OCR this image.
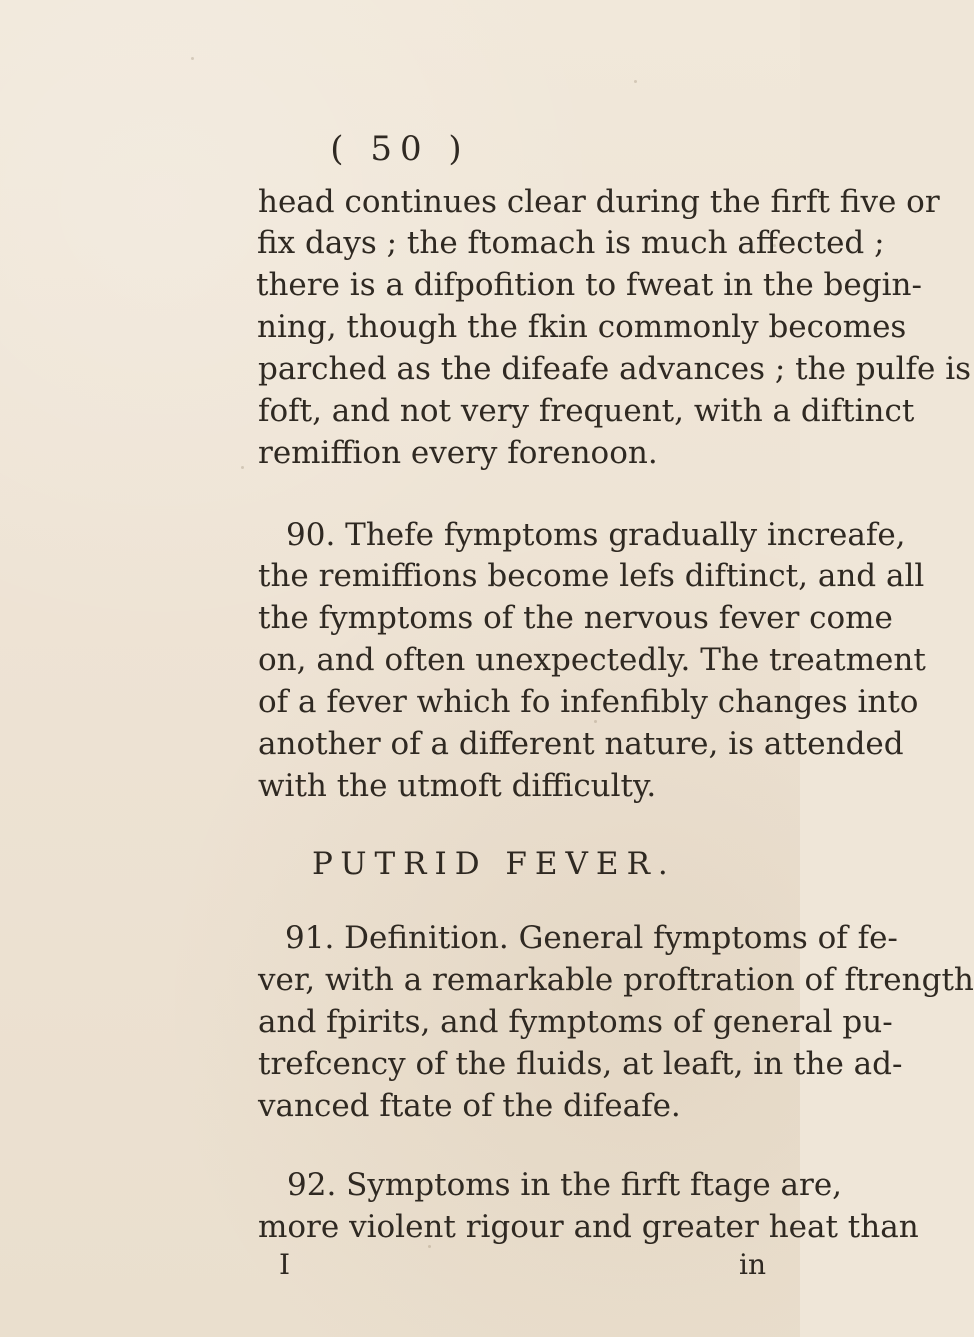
( 50 )
head continues clear during the firft five or
fix days ; the ftomach is much affected ;
there is a difpofition to fweat in the begin-
ning, though the fkin commonly becomes
parched as the difeafe advances ; the pulfe is
foft, and not very frequent, with a diftinct
remiffion every forenoon.
90. Thefe fymptoms gradually increafe,
the remiffions become lefs diftinct, and all
the fymptoms of the nervous fever come
on, and often unexpectedly. The treatment
of a fever which fo infenfibly changes into
another of a different nature, is attended
with the utmoft difficulty.
PUTRID FEVER.
91. Definition. General fymptoms of fe-
ver, with a remarkable proftration of ftrength
and fpirits, and fymptoms of general pu-
trefcency of the fluids, at leaft, in the ad-
vanced ftate of the difeafe.
92. Symptoms in the firft ftage are,
more violent rigour and greater heat than
I	in
